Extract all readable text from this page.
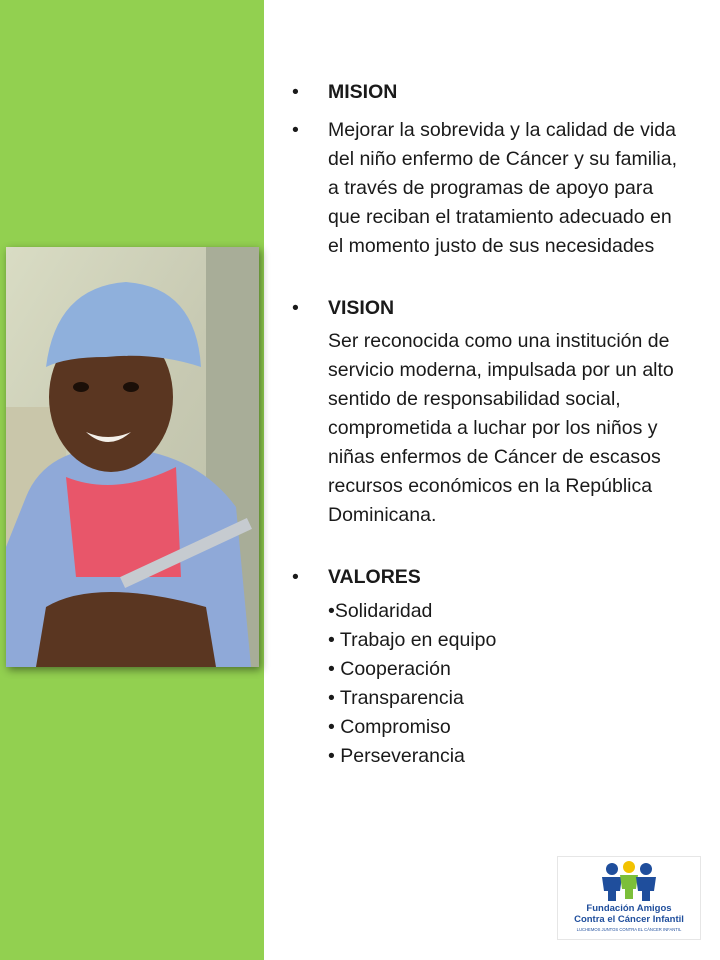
•	MISION
•	Mejorar la sobrevida y la calidad de vida del niño enfermo de Cáncer y su familia, a través de programas de apoyo para que reciban el tratamiento adecuado en el momento justo de sus necesidades
•	VISION
Ser reconocida como una institución de servicio moderna, impulsada por un alto sentido de responsabilidad social, comprometida a luchar por los niños y niñas enfermos de Cáncer de escasos recursos económicos en la República Dominicana.
•	VALORES
•Solidaridad
• Trabajo en equipo
• Cooperación
• Transparencia
• Compromiso
• Perseverancia
Fundación Amigos
Contra el Cáncer Infantil
LUCHEMOS JUNTOS CONTRA EL CÁNCER INFANTIL
